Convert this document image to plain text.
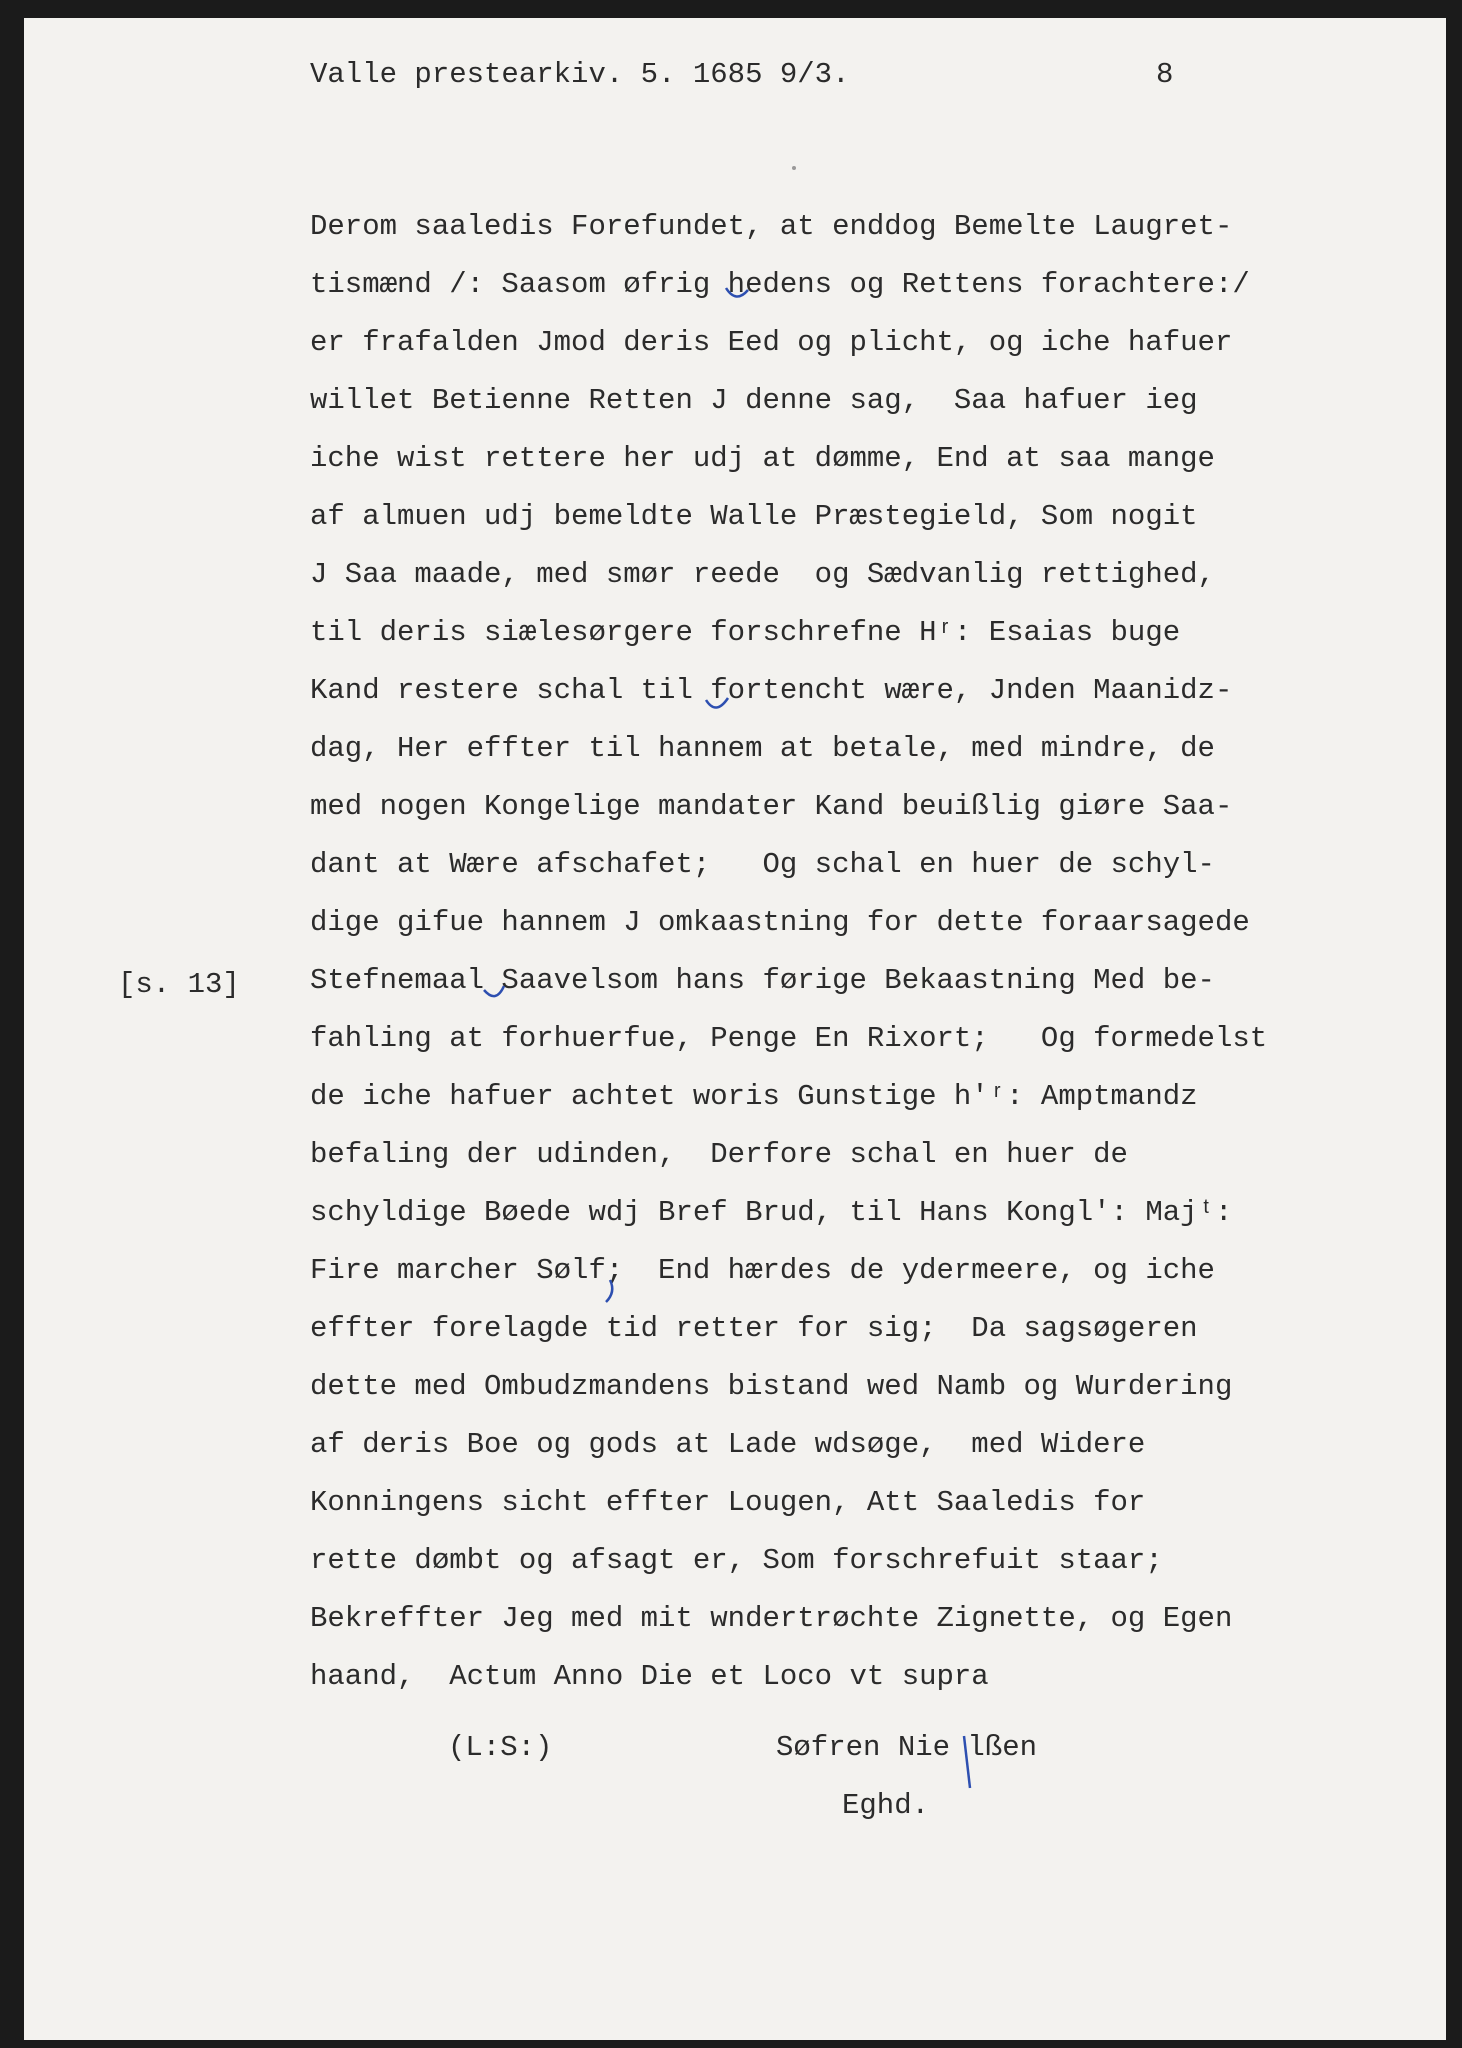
Valle prestearkiv. 5. 1685 9/3.	8
[s. 13]
Derom saaledis Forefundet, at enddog Bemelte Laugret-
tismænd /: Saasom øfrig hedens og Rettens forachtere:/
er frafalden Jmod deris Eed og plicht, og iche hafuer
willet Betienne Retten J denne sag,  Saa hafuer ieg
iche wist rettere her udj at dømme, End at saa mange
af almuen udj bemeldte Walle Præstegield, Som nogit
J Saa maade, med smør reede  og Sædvanlig rettighed,
til deris siælesørgere forschrefne Hʳ: Esaias buge
Kand restere schal til fortencht wære, Jnden Maanidz-
dag, Her effter til hannem at betale, med mindre, de
med nogen Kongelige mandater Kand beuißlig giøre Saa-
dant at Wære afschafet;   Og schal en huer de schyl-
dige gifue hannem J omkaastning for dette foraarsagede
Stefnemaal Saavelsom hans førige Bekaastning Med be-
fahling at forhuerfue, Penge En Rixort;   Og formedelst
de iche hafuer achtet woris Gunstige h'ʳ: Amptmandz
befaling der udinden,  Derfore schal en huer de
schyldige Bøede wdj Bref Brud, til Hans Kongl': Majᵗ:
Fire marcher Sølf;  End hærdes de ydermeere, og iche
effter forelagde tid retter for sig;  Da sagsøgeren
dette med Ombudzmandens bistand wed Namb og Wurdering
af deris Boe og gods at Lade wdsøge,  med Widere
Konningens sicht effter Lougen, Att Saaledis for
rette dømbt og afsagt er, Som forschrefuit staar;
Bekreffter Jeg med mit wndertrøchte Zignette, og Egen
haand,  Actum Anno Die et Loco vt supra
(L:S:)	Søfren Nie lßen
Eghd.
